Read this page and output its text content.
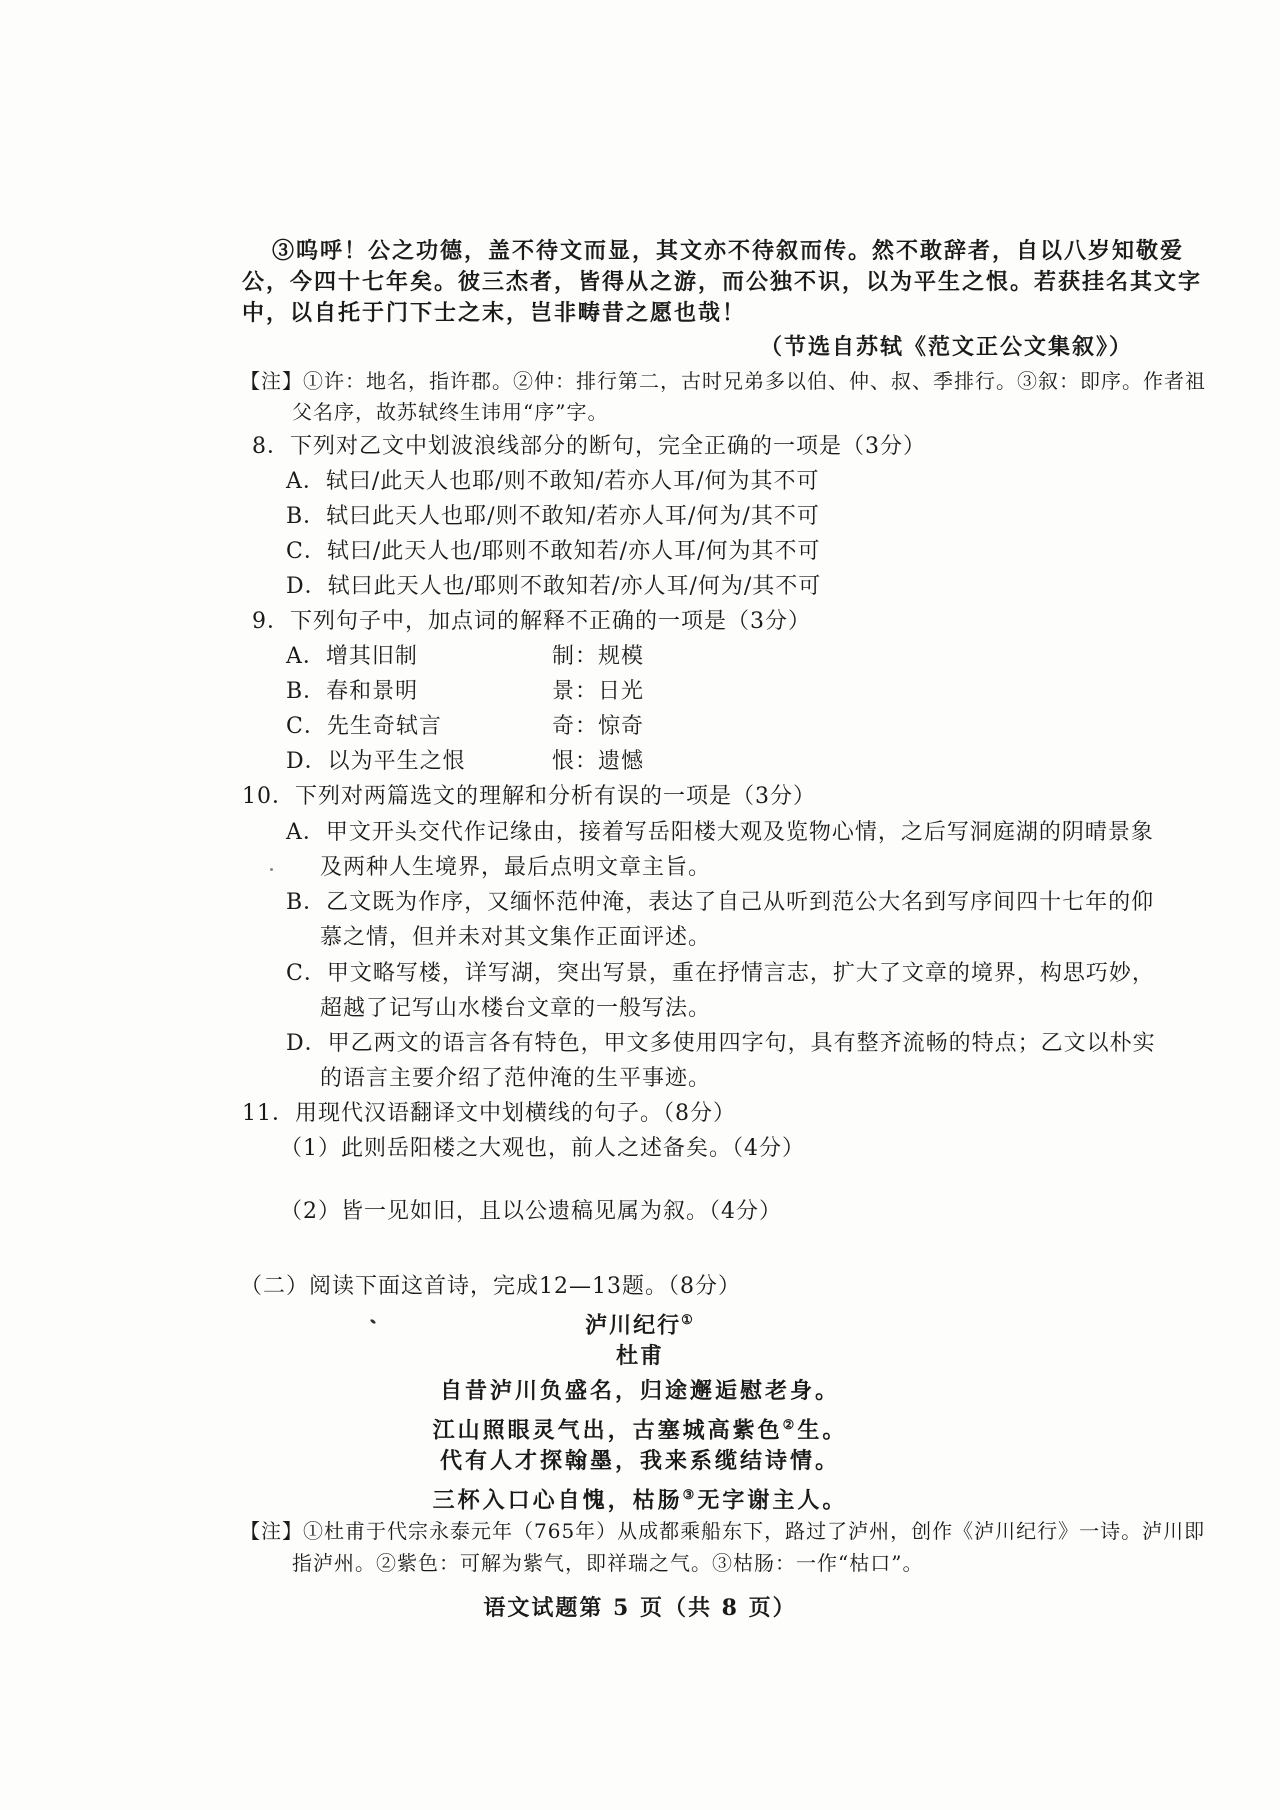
③呜呼！公之功德，盖不待文而显，其文亦不待叙而传。然不敢辞者，自以八岁知敬爱
公，今四十七年矣。彼三杰者，皆得从之游，而公独不识，以为平生之恨。若获挂名其文字
中，以自托于门下士之末，岂非畴昔之愿也哉！
（节选自苏轼《范文正公文集叙》）
【注】①许：地名，指许郡。②仲：排行第二，古时兄弟多以伯、仲、叔、季排行。③叙：即序。作者祖
父名序，故苏轼终生讳用“序”字。
8．下列对乙文中划波浪线部分的断句，完全正确的一项是（3分）
A．轼曰/此天人也耶/则不敢知/若亦人耳/何为其不可
B．轼曰此天人也耶/则不敢知/若亦人耳/何为/其不可
C．轼曰/此天人也/耶则不敢知若/亦人耳/何为其不可
D．轼曰此天人也/耶则不敢知若/亦人耳/何为/其不可
9．下列句子中，加点词的解释不正确的一项是（3分）
A．增其旧制	制：规模
B．春和景明	景：日光
C．先生奇轼言	奇：惊奇
D．以为平生之恨	恨：遗憾
10．下列对两篇选文的理解和分析有误的一项是（3分）
A．甲文开头交代作记缘由，接着写岳阳楼大观及览物心情，之后写洞庭湖的阴晴景象
及两种人生境界，最后点明文章主旨。
B．乙文既为作序，又缅怀范仲淹，表达了自己从听到范公大名到写序间四十七年的仰
慕之情，但并未对其文集作正面评述。
C．甲文略写楼，详写湖，突出写景，重在抒情言志，扩大了文章的境界，构思巧妙，
超越了记写山水楼台文章的一般写法。
D．甲乙两文的语言各有特色，甲文多使用四字句，具有整齐流畅的特点；乙文以朴实
的语言主要介绍了范仲淹的生平事迹。
11．用现代汉语翻译文中划横线的句子。（8分）
（1）此则岳阳楼之大观也，前人之述备矣。（4分）
（2）皆一见如旧，且以公遗稿见属为叙。（4分）
（二）阅读下面这首诗，完成12—13题。（8分）
泸川纪行①
杜甫
自昔泸川负盛名，归途邂逅慰老身。
江山照眼灵气出，古塞城高紫色②生。
代有人才探翰墨，我来系缆结诗情。
三杯入口心自愧，枯肠③无字谢主人。
【注】①杜甫于代宗永泰元年（765年）从成都乘船东下，路过了泸州，创作《泸川纪行》一诗。泸川即
指泸州。②紫色：可解为紫气，即祥瑞之气。③枯肠：一作“枯口”。
语文试题第 5 页（共 8 页）
